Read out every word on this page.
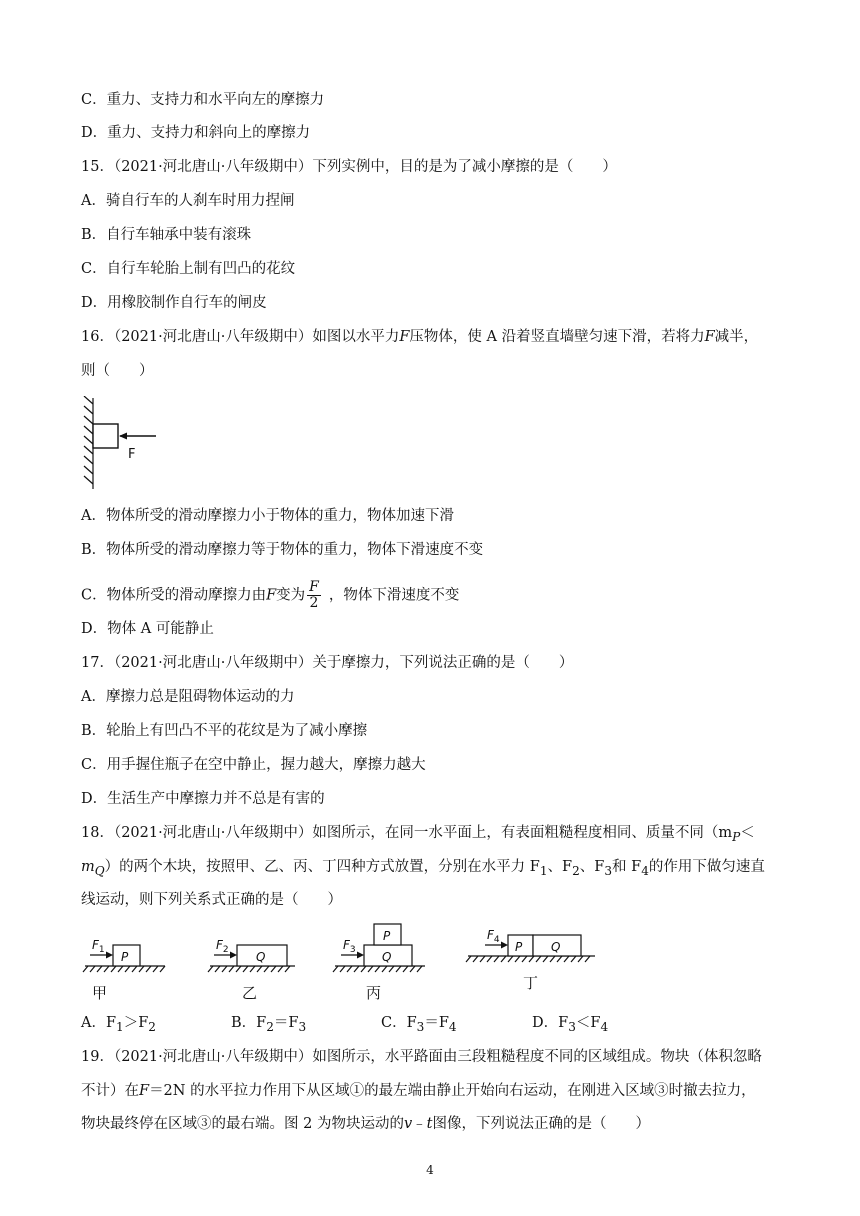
C．重力、支持力和水平向左的摩擦力
D．重力、支持力和斜向上的摩擦力
15．（2021·河北唐山·八年级期中）下列实例中，目的是为了减小摩擦的是（　　）
A．骑自行车的人刹车时用力捏闸
B．自行车轴承中装有滚珠
C．自行车轮胎上制有凹凸的花纹
D．用橡胶制作自行车的闸皮
16．（2021·河北唐山·八年级期中）如图以水平力F压物体，使 A 沿着竖直墙壁匀速下滑，若将力F减半，
则（　　）
F
A．物体所受的滑动摩擦力小于物体的重力，物体加速下滑
B．物体所受的滑动摩擦力等于物体的重力，物体下滑速度不变
C．物体所受的滑动摩擦力由F变为 $\frac{F}{2}$ ，物体下滑速度不变
D．物体 A 可能静止
17．（2021·河北唐山·八年级期中）关于摩擦力，下列说法正确的是（　　）
A．摩擦力总是阻碍物体运动的力
B．轮胎上有凹凸不平的花纹是为了减小摩擦
C．用手握住瓶子在空中静止，握力越大，摩擦力越大
D．生活生产中摩擦力并不总是有害的
18．（2021·河北唐山·八年级期中）如图所示，在同一水平面上，有表面粗糙程度相同、质量不同（$m_P<$
$m_Q$）的两个木块，按照甲、乙、丙、丁四种方式放置，分别在水平力 $F_1$、$F_2$、$F_3$和 $F_4$的作用下做匀速直
线运动，则下列关系式正确的是（　　）
$F_1$ P
$F_2$ Q
$F_3$
P
Q
$F_4$ P Q
甲	乙	丙
丁
A．$F_1>F_2$	B．$F_2=F_3$	C．$F_3=F_4$	D．$F_3<F_4$
19．（2021·河北唐山·八年级期中）如图所示，水平路面由三段粗糙程度不同的区域组成。物块（体积忽略
不计）在F＝2N 的水平拉力作用下从区域①的最左端由静止开始向右运动，在刚进入区域③时撤去拉力，
物块最终停在区域③的最右端。图 2 为物块运动的v﹣t图像，下列说法正确的是（　　）
4
